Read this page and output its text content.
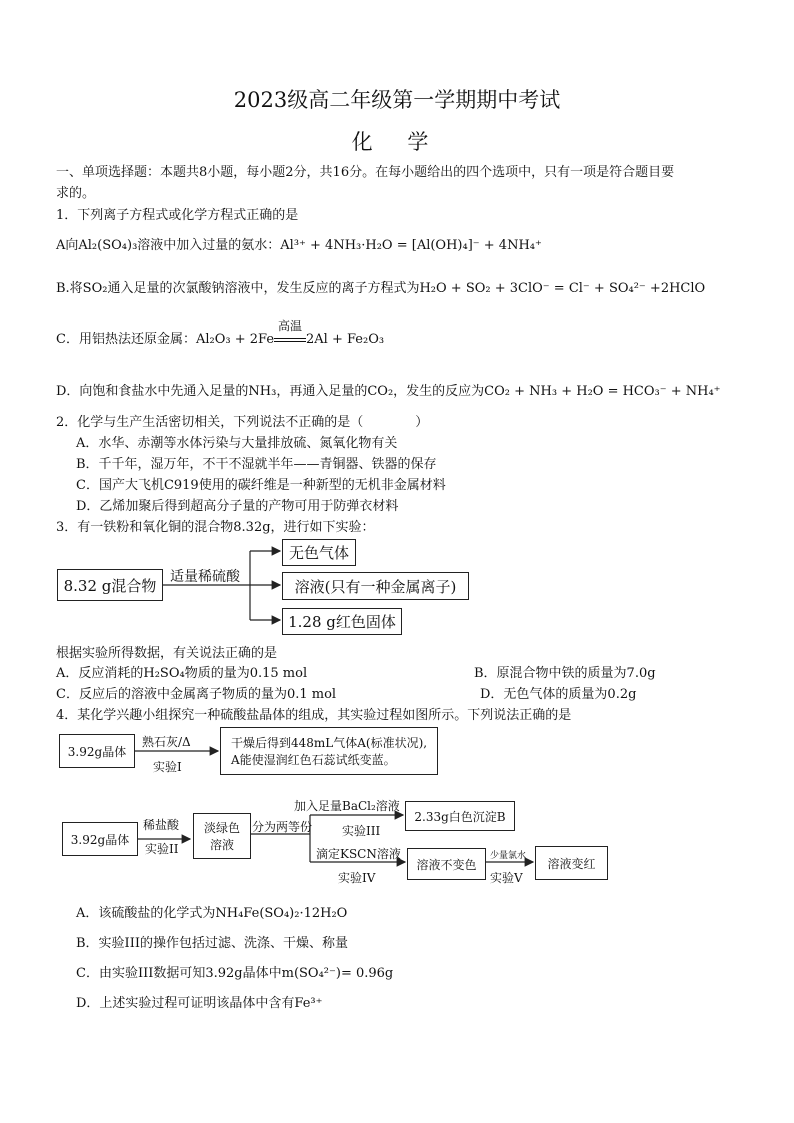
2023级高二年级第一学期期中考试
化 学
一、单项选择题：本题共8小题，每小题2分，共16分。在每小题给出的四个选项中，只有一项是符合题目要
求的。
1．下列离子方程式或化学方程式正确的是
A向Al₂(SO₄)₃溶液中加入过量的氨水：Al³⁺ + 4NH₃·H₂O = [Al(OH)₄]⁻ + 4NH₄⁺
B.将SO₂通入足量的次氯酸钠溶液中，发生反应的离子方程式为H₂O + SO₂ + 3ClO⁻ = Cl⁻ + SO₄²⁻ +2HClO
C．用铝热法还原金属：Al₂O₃ + 2Fe
高温
2Al + Fe₂O₃
D．向饱和食盐水中先通入足量的NH₃，再通入足量的CO₂，发生的反应为CO₂ + NH₃ + H₂O = HCO₃⁻ + NH₄⁺
2．化学与生产生活密切相关，下列说法不正确的是（　　　　）
A．水华、赤潮等水体污染与大量排放硫、氮氧化物有关
B．千千年，湿万年，不干不湿就半年——青铜器、铁器的保存
C．国产大飞机C919使用的碳纤维是一种新型的无机非金属材料
D．乙烯加聚后得到超高分子量的产物可用于防弹衣材料
3．有一铁粉和氧化铜的混合物8.32g，进行如下实验：
8.32 g混合物 适量稀硫酸
无色气体
溶液(只有一种金属离子)
1.28 g红色固体
根据实验所得数据，有关说法正确的是
A．反应消耗的H₂SO₄物质的量为0.15 mol	B．原混合物中铁的质量为7.0g
C．反应后的溶液中金属离子物质的量为0.1 mol	D．无色气体的质量为0.2g
4．某化学兴趣小组探究一种硫酸盐晶体的组成，其实验过程如图所示。下列说法正确的是
3.92g晶体
熟石灰/Δ
实验I
干燥后得到448mL气体A(标准状况),
A能使湿润红色石蕊试纸变蓝。
3.92g晶体
稀盐酸
实验II
淡绿色
溶液
分为两等份
加入足量BaCl₂溶液
实验III
2.33g白色沉淀B
滴定KSCN溶液
实验IV
溶液不变色
少量氯水
实验V
溶液变红
A．该硫酸盐的化学式为NH₄Fe(SO₄)₂·12H₂O
B．实验III的操作包括过滤、洗涤、干燥、称量
C．由实验III数据可知3.92g晶体中m(SO₄²⁻)= 0.96g
D．上述实验过程可证明该晶体中含有Fe³⁺
